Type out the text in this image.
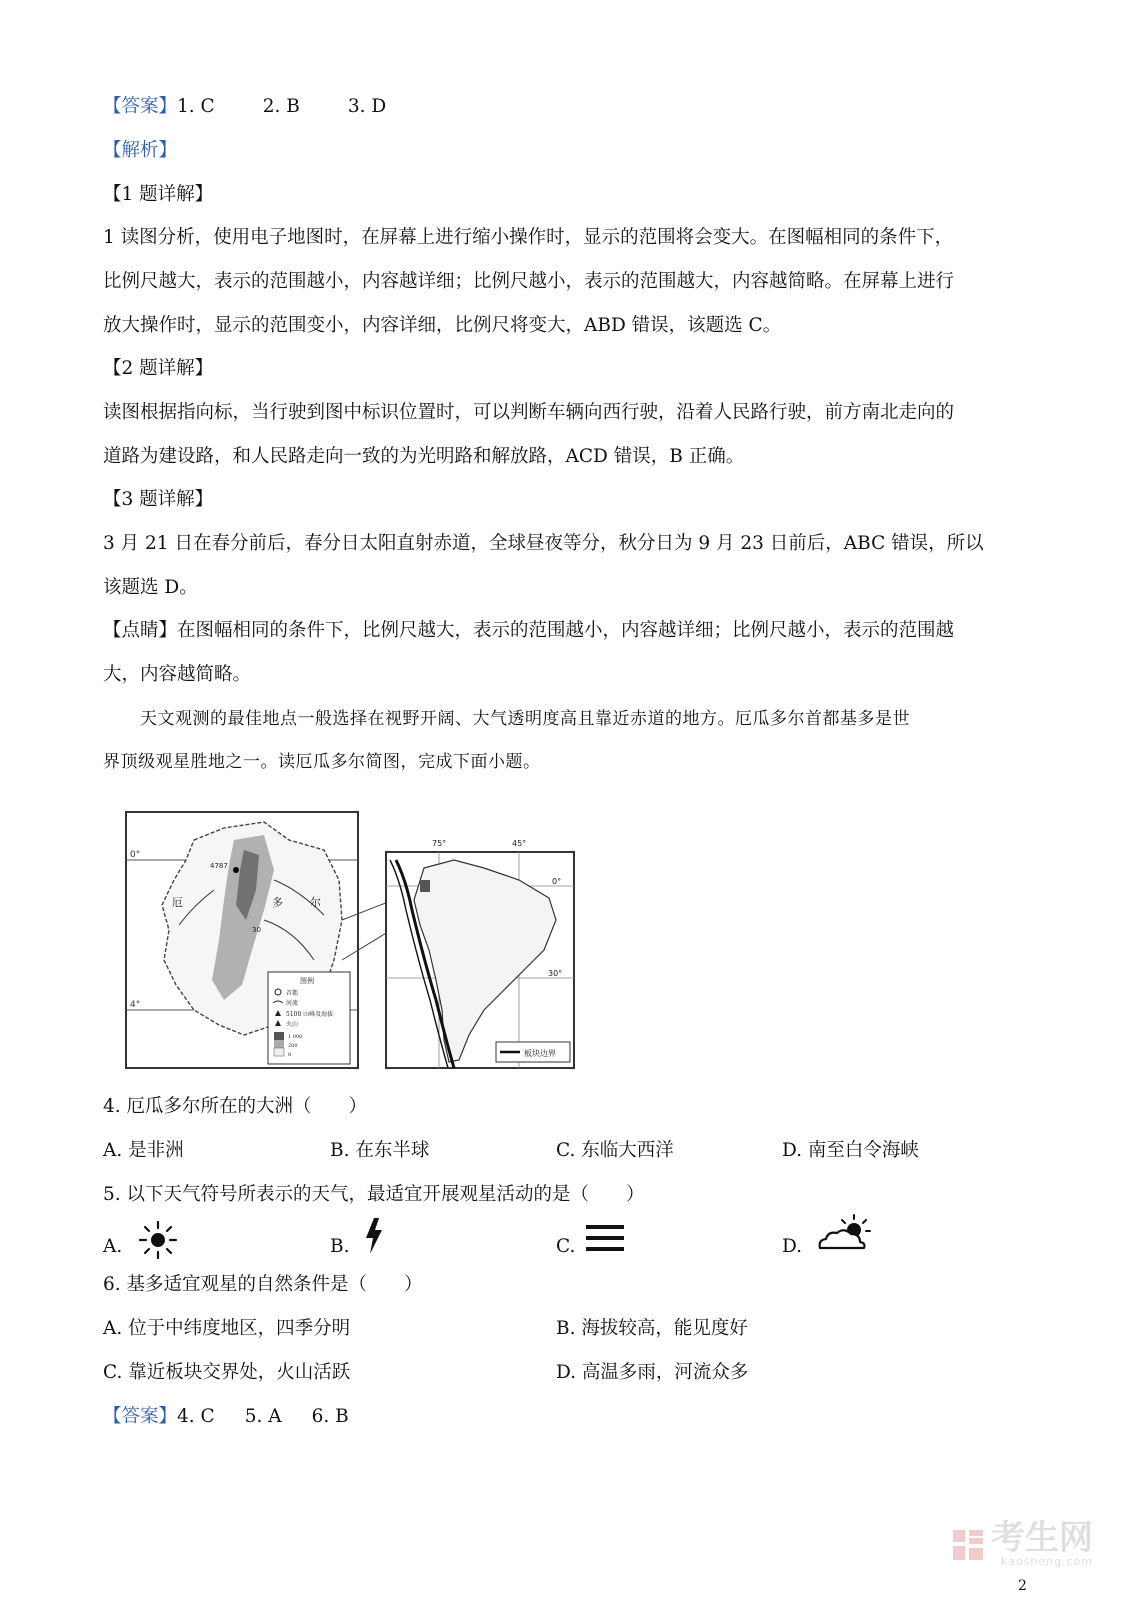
【答案】1. C	2. B	3. D
【解析】
【1 题详解】
1 读图分析，使用电子地图时，在屏幕上进行缩小操作时，显示的范围将会变大。在图幅相同的条件下，
比例尺越大，表示的范围越小，内容越详细；比例尺越小，表示的范围越大，内容越简略。在屏幕上进行
放大操作时，显示的范围变小，内容详细，比例尺将变大，ABD 错误，该题选 C。
【2 题详解】
读图根据指向标，当行驶到图中标识位置时，可以判断车辆向西行驶，沿着人民路行驶，前方南北走向的
道路为建设路，和人民路走向一致的为光明路和解放路，ACD 错误，B 正确。
【3 题详解】
3 月 21 日在春分前后，春分日太阳直射赤道，全球昼夜等分，秋分日为 9 月 23 日前后，ABC 错误，所以
该题选 D。
【点睛】在图幅相同的条件下，比例尺越大，表示的范围越小，内容越详细；比例尺越小，表示的范围越
大，内容越简略。
天文观测的最佳地点一般选择在视野开阔、大气透明度高且靠近赤道的地方。厄瓜多尔首都基多是世
界顶级观星胜地之一。读厄瓜多尔简图，完成下面小题。
0°
4°
厄	多 尔
4787
30
图例
首都
河流
5100 山峰及海拔
火山
1 000
200
0
75°	45°
0°
30°
板块边界
4. 厄瓜多尔所在的大洲（　　）
A. 是非洲	B. 在东半球	C. 东临大西洋	D. 南至白令海峡
5. 以下天气符号所表示的天气，最适宜开展观星活动的是（　　）
A.	B.	C.	D.
6. 基多适宜观星的自然条件是（　　）
A. 位于中纬度地区，四季分明	B. 海拔较高，能见度好
C. 靠近板块交界处，火山活跃	D. 高温多雨，河流众多
【答案】4. C 5. A 6. B
考生网
kaosheng.com
2
